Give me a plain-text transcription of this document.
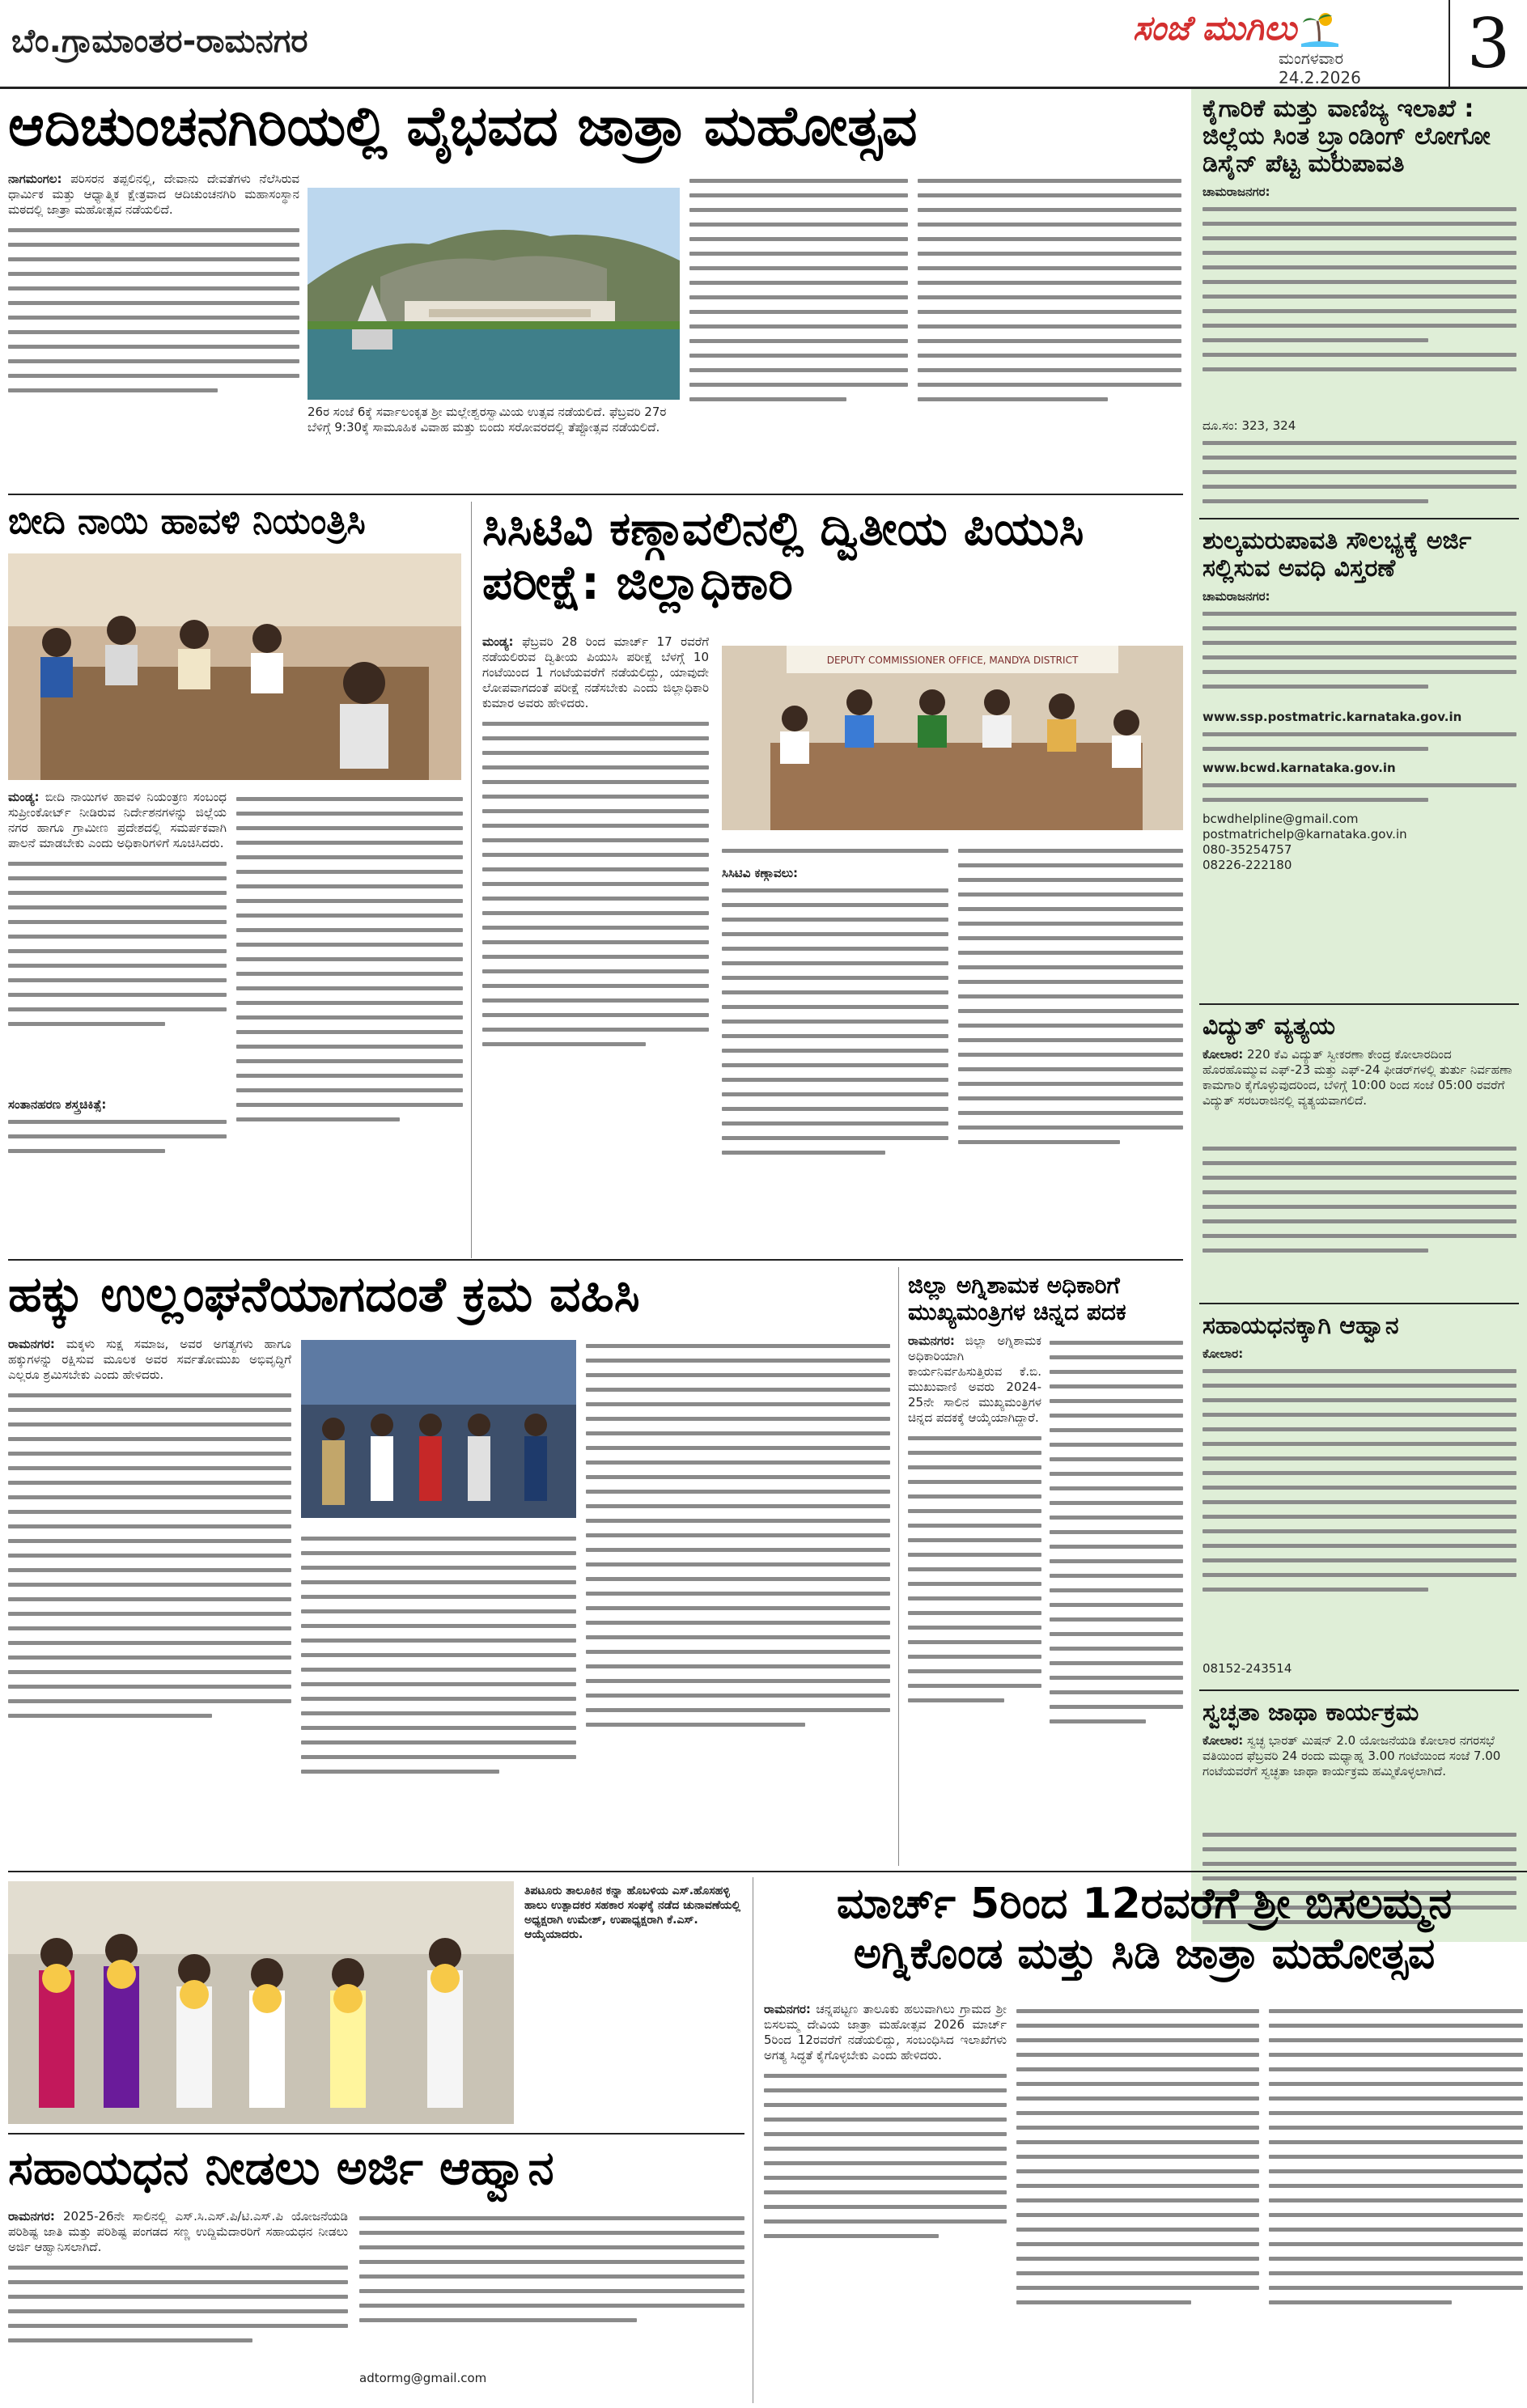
ಬೆಂ.ಗ್ರಾಮಾಂತರ-ರಾಮನಗರ	ಸಂಜೆ ಮುಗಿಲು
ಮಂಗಳವಾರ
24.2.2026	3
ಕೈಗಾರಿಕೆ ಮತ್ತು ವಾಣಿಜ್ಯ ಇಲಾಖೆ : ಜಿಲ್ಲೆಯ ಸಿಂತ ಬ್ರ್ಯಾಂಡಿಂಗ್ ಲೋಗೋ ಡಿಸೈನ್ ಪೆಟ್ಟ ಮರುಪಾವತಿ
ಚಾಮರಾಜನಗರ:
ದೂ.ಸಂ: 323, 324
ಶುಲ್ಕಮರುಪಾವತಿ ಸೌಲಭ್ಯಕ್ಕೆ ಅರ್ಜಿ ಸಲ್ಲಿಸುವ ಅವಧಿ ವಿಸ್ತರಣೆ
ಚಾಮರಾಜನಗರ:
www.ssp.postmatric.karnataka.gov.in
www.bcwd.karnataka.gov.in
bcwdhelpline@gmail.com
postmatrichelp@karnataka.gov.in
080-35254757
08226-222180
ವಿದ್ಯುತ್ ವ್ಯತ್ಯಯ
ಕೋಲಾರ: 220 ಕೆವಿ ವಿದ್ಯುತ್ ಸ್ವೀಕರಣಾ ಕೇಂದ್ರ ಕೋಲಾರದಿಂದ ಹೊರಹೊಮ್ಮುವ ಎಫ್-23 ಮತ್ತು ಎಫ್-24 ಫೀಡರ್‌ಗಳಲ್ಲಿ ತುರ್ತು ನಿರ್ವಹಣಾ ಕಾಮಗಾರಿ ಕೈಗೊಳ್ಳುವುದರಿಂದ, ಬೆಳಿಗ್ಗೆ 10:00 ರಿಂದ ಸಂಜೆ 05:00 ರವರೆಗೆ ವಿದ್ಯುತ್ ಸರಬರಾಜಿನಲ್ಲಿ ವ್ಯತ್ಯಯವಾಗಲಿದೆ.
ಸಹಾಯಧನಕ್ಕಾಗಿ ಆಹ್ವಾನ
ಕೋಲಾರ:
08152-243514
ಸ್ವಚ್ಛತಾ ಜಾಥಾ ಕಾರ್ಯಕ್ರಮ
ಕೋಲಾರ: ಸ್ವಚ್ಛ ಭಾರತ್ ಮಿಷನ್ 2.0 ಯೋಜನೆಯಡಿ ಕೋಲಾರ ನಗರಸಭೆ ವತಿಯಿಂದ ಫೆಬ್ರವರಿ 24 ರಂದು ಮಧ್ಯಾಹ್ನ 3.00 ಗಂಟೆಯಿಂದ ಸಂಜೆ 7.00 ಗಂಟೆಯವರೆಗೆ ಸ್ವಚ್ಛತಾ ಜಾಥಾ ಕಾರ್ಯಕ್ರಮ ಹಮ್ಮಿಕೊಳ್ಳಲಾಗಿದೆ.
ಆದಿಚುಂಚನಗಿರಿಯಲ್ಲಿ ವೈಭವದ ಜಾತ್ರಾ ಮಹೋತ್ಸವ
ನಾಗಮಂಗಲ: ಪರಿಸರನ ತಪ್ಪಲಿನಲ್ಲಿ, ದೇವಾನು ದೇವತೆಗಳು ನೆಲೆಸಿರುವ ಧಾರ್ಮಿಕ ಮತ್ತು ಆಧ್ಯಾತ್ಮಿಕ ಕ್ಷೇತ್ರವಾದ ಆದಿಚುಂಚನಗಿರಿ ಮಹಾಸಂಸ್ಥಾನ ಮಠದಲ್ಲಿ ಜಾತ್ರಾ ಮಹೋತ್ಸವ ನಡೆಯಲಿದೆ.
26ರ ಸಂಜೆ 6ಕ್ಕೆ ಸರ್ವಾಲಂಕೃತ ಶ್ರೀ ಮಲ್ಲೇಶ್ವರಸ್ವಾಮಿಯ ಉತ್ಸವ ನಡೆಯಲಿದೆ. ಫೆಬ್ರವರಿ 27ರ ಬೆಳಿಗ್ಗೆ 9:30ಕ್ಕೆ ಸಾಮೂಹಿಕ ವಿವಾಹ ಮತ್ತು ಬಿಂದು ಸರೋವರದಲ್ಲಿ ತೆಪ್ಪೋತ್ಸವ ನಡೆಯಲಿದೆ.
ಬೀದಿ ನಾಯಿ ಹಾವಳಿ ನಿಯಂತ್ರಿಸಿ
ಮಂಡ್ಯ: ಬೀದಿ ನಾಯಿಗಳ ಹಾವಳಿ ನಿಯಂತ್ರಣ ಸಂಬಂಧ ಸುಪ್ರೀಂಕೋರ್ಟ್ ನೀಡಿರುವ ನಿರ್ದೇಶನಗಳನ್ನು ಜಿಲ್ಲೆಯ ನಗರ ಹಾಗೂ ಗ್ರಾಮೀಣ ಪ್ರದೇಶದಲ್ಲಿ ಸಮರ್ಪಕವಾಗಿ ಪಾಲನೆ ಮಾಡಬೇಕು ಎಂದು ಅಧಿಕಾರಿಗಳಿಗೆ ಸೂಚಿಸಿದರು.
ಸಂತಾನಹರಣ ಶಸ್ತ್ರಚಿಕಿತ್ಸೆ:
ಸಿಸಿಟಿವಿ ಕಣ್ಗಾವಲಿನಲ್ಲಿ ದ್ವಿತೀಯ ಪಿಯುಸಿ ಪರೀಕ್ಷೆ: ಜಿಲ್ಲಾಧಿಕಾರಿ
ಮಂಡ್ಯ: ಫೆಬ್ರವರಿ 28 ರಿಂದ ಮಾರ್ಚ್ 17 ರವರೆಗೆ ನಡೆಯಲಿರುವ ದ್ವಿತೀಯ ಪಿಯುಸಿ ಪರೀಕ್ಷೆ ಬೆಳಗ್ಗೆ 10 ಗಂಟೆಯಿಂದ 1 ಗಂಟೆಯವರೆಗೆ ನಡೆಯಲಿದ್ದು, ಯಾವುದೇ ಲೋಪವಾಗದಂತೆ ಪರೀಕ್ಷೆ ನಡೆಸಬೇಕು ಎಂದು ಜಿಲ್ಲಾಧಿಕಾರಿ ಕುಮಾರ ಅವರು ಹೇಳಿದರು.
DEPUTY COMMISSIONER OFFICE, MANDYA DISTRICT
ಸಿಸಿಟಿವಿ ಕಣ್ಗಾವಲು:
ಹಕ್ಕು ಉಲ್ಲಂಘನೆಯಾಗದಂತೆ ಕ್ರಮ ವಹಿಸಿ
ರಾಮನಗರ: ಮಕ್ಕಳು ಸುಕ್ಷ ಸಮಾಜ, ಅವರ ಅಗತ್ಯಗಳು ಹಾಗೂ ಹಕ್ಕುಗಳನ್ನು ರಕ್ಷಿಸುವ ಮೂಲಕ ಅವರ ಸರ್ವತೋಮುಖ ಅಭಿವೃದ್ಧಿಗೆ ಎಲ್ಲರೂ ಶ್ರಮಿಸಬೇಕು ಎಂದು ಹೇಳಿದರು.
ಜಿಲ್ಲಾ ಅಗ್ನಿಶಾಮಕ ಅಧಿಕಾರಿಗೆ ಮುಖ್ಯಮಂತ್ರಿಗಳ ಚಿನ್ನದ ಪದಕ
ರಾಮನಗರ: ಜಿಲ್ಲಾ ಅಗ್ನಿಶಾಮಕ ಅಧಿಕಾರಿಯಾಗಿ ಕಾರ್ಯನಿರ್ವಹಿಸುತ್ತಿರುವ ಕೆ.ಬಿ. ಮುಖುವಾಣಿ ಅವರು 2024-25ನೇ ಸಾಲಿನ ಮುಖ್ಯಮಂತ್ರಿಗಳ ಚಿನ್ನದ ಪದಕಕ್ಕೆ ಆಯ್ಕೆಯಾಗಿದ್ದಾರೆ.
ತಿಪಟೂರು ತಾಲೂಕಿನ ಕನ್ನಾ ಹೊಬಳಿಯ ಎಸ್.ಹೊಸಹಳ್ಳಿ ಹಾಲು ಉತ್ಪಾದಕರ ಸಹಕಾರ ಸಂಘಕ್ಕೆ ನಡೆದ ಚುನಾವಣೆಯಲ್ಲಿ ಅಧ್ಯಕ್ಷರಾಗಿ ಉಮೇಶ್, ಉಪಾಧ್ಯಕ್ಷರಾಗಿ ಕೆ.ಎಸ್. ಆಯ್ಕೆಯಾದರು.
ಸಹಾಯಧನ ನೀಡಲು ಅರ್ಜಿ ಆಹ್ವಾನ
ರಾಮನಗರ: 2025-26ನೇ ಸಾಲಿನಲ್ಲಿ ಎಸ್.ಸಿ.ಎಸ್.ಪಿ/ಟಿ.ಎಸ್.ಪಿ ಯೋಜನೆಯಡಿ ಪರಿಶಿಷ್ಟ ಜಾತಿ ಮತ್ತು ಪರಿಶಿಷ್ಟ ಪಂಗಡದ ಸಣ್ಣ ಉದ್ದಿಮೆದಾರರಿಗೆ ಸಹಾಯಧನ ನೀಡಲು ಅರ್ಜಿ ಆಹ್ವಾನಿಸಲಾಗಿದೆ.
adtormg@gmail.com
ಮಾರ್ಚ್ 5ರಿಂದ 12ರವರೆಗೆ ಶ್ರೀ ಬಿಸಲಮ್ಮನ ಅಗ್ನಿಕೊಂಡ ಮತ್ತು ಸಿಡಿ ಜಾತ್ರಾ ಮಹೋತ್ಸವ
ರಾಮನಗರ: ಚನ್ನಪಟ್ಟಣ ತಾಲೂಕು ಹಲುವಾಗಿಲು ಗ್ರಾಮದ ಶ್ರೀ ಬಿಸಲಮ್ಮ ದೇವಿಯ ಜಾತ್ರಾ ಮಹೋತ್ಸವ 2026 ಮಾರ್ಚ್ 5ರಿಂದ 12ರವರೆಗೆ ನಡೆಯಲಿದ್ದು, ಸಂಬಂಧಿಸಿದ ಇಲಾಖೆಗಳು ಅಗತ್ಯ ಸಿದ್ಧತೆ ಕೈಗೊಳ್ಳಬೇಕು ಎಂದು ಹೇಳಿದರು.
